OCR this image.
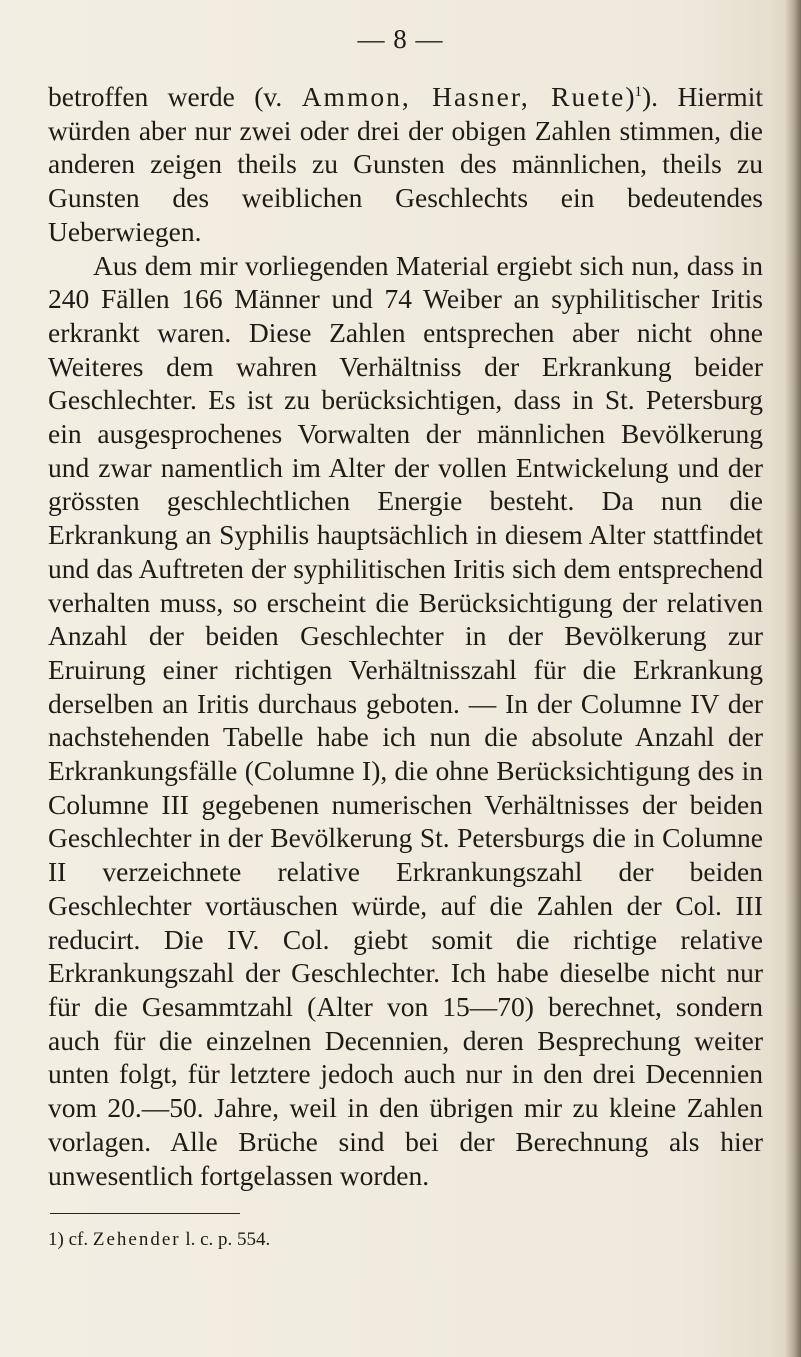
— 8 —

betroffen werde (v. Ammon, Hasner, Ruete)$^1$). Hiermit würden aber nur zwei oder drei der obigen Zahlen stimmen, die anderen zeigen theils zu Gunsten des männlichen, theils zu Gunsten des weiblichen Geschlechts ein bedeutendes Ueberwiegen.

Aus dem mir vorliegenden Material ergiebt sich nun, dass in 240 Fällen 166 Männer und 74 Weiber an syphilitischer Iritis erkrankt waren. Diese Zahlen entsprechen aber nicht ohne Weiteres dem wahren Verhältniss der Erkrankung beider Geschlechter. Es ist zu berücksichtigen, dass in St. Petersburg ein ausgesprochenes Vorwalten der männlichen Bevölkerung und zwar namentlich im Alter der vollen Entwickelung und der grössten geschlechtlichen Energie besteht. Da nun die Erkrankung an Syphilis hauptsächlich in diesem Alter stattfindet und das Auftreten der syphilitischen Iritis sich dem entsprechend verhalten muss, so erscheint die Berücksichtigung der relativen Anzahl der beiden Geschlechter in der Bevölkerung zur Eruirung einer richtigen Verhältnisszahl für die Erkrankung derselben an Iritis durchaus geboten. — In der Columne IV der nachstehenden Tabelle habe ich nun die absolute Anzahl der Erkrankungsfälle (Columne I), die ohne Berücksichtigung des in Columne III gegebenen numerischen Verhältnisses der beiden Geschlechter in der Bevölkerung St. Petersburgs die in Columne II verzeichnete relative Erkrankungszahl der beiden Geschlechter vortäuschen würde, auf die Zahlen der Col. III reducirt. Die IV. Col. giebt somit die richtige relative Erkrankungszahl der Geschlechter. Ich habe dieselbe nicht nur für die Gesammtzahl (Alter von 15—70) berechnet, sondern auch für die einzelnen Decennien, deren Besprechung weiter unten folgt, für letztere jedoch auch nur in den drei Decennien vom 20.—50. Jahre, weil in den übrigen mir zu kleine Zahlen vorlagen. Alle Brüche sind bei der Berechnung als hier unwesentlich fortgelassen worden.

1) cf. Zehender l. c. p. 554.
